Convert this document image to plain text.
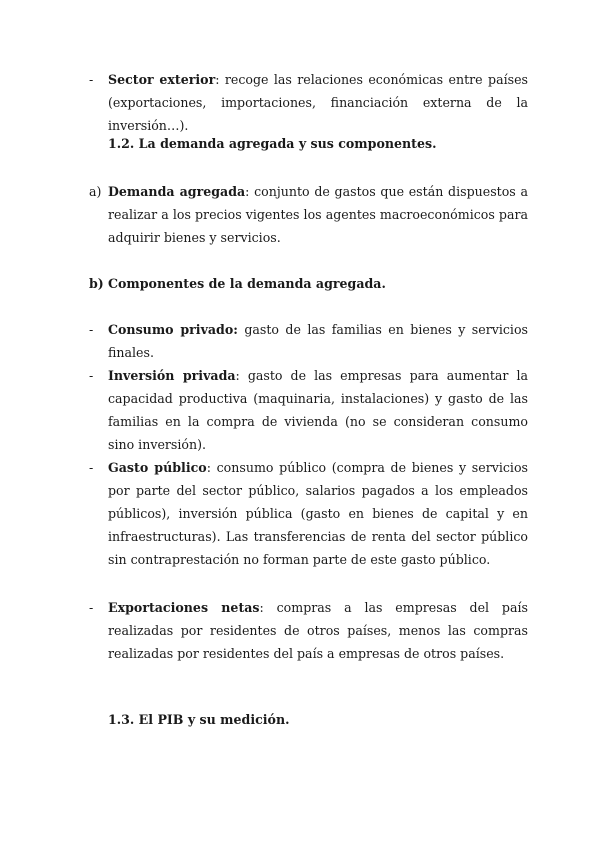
- Sector exterior: recoge las relaciones económicas entre países (exportaciones, importaciones, financiación externa de la inversión…).
1.2. La demanda agregada y sus componentes.
a) Demanda agregada: conjunto de gastos que están dispuestos a realizar a los precios vigentes los agentes macroeconómicos para adquirir bienes y servicios.
b) Componentes de la demanda agregada.
- Consumo privado: gasto de las familias en bienes y servicios finales.
- Inversión privada: gasto de las empresas para aumentar la capacidad productiva (maquinaria, instalaciones) y gasto de las familias en la compra de vivienda (no se consideran consumo sino inversión).
- Gasto público: consumo público (compra de bienes y servicios por parte del sector público, salarios pagados a los empleados públicos), inversión pública (gasto en bienes de capital y en infraestructuras). Las transferencias de renta del sector público sin contraprestación no forman parte de este gasto público.
- Exportaciones netas: compras a las empresas del país realizadas por residentes de otros países, menos las compras realizadas por residentes del país a empresas de otros países.
1.3. El PIB y su medición.
